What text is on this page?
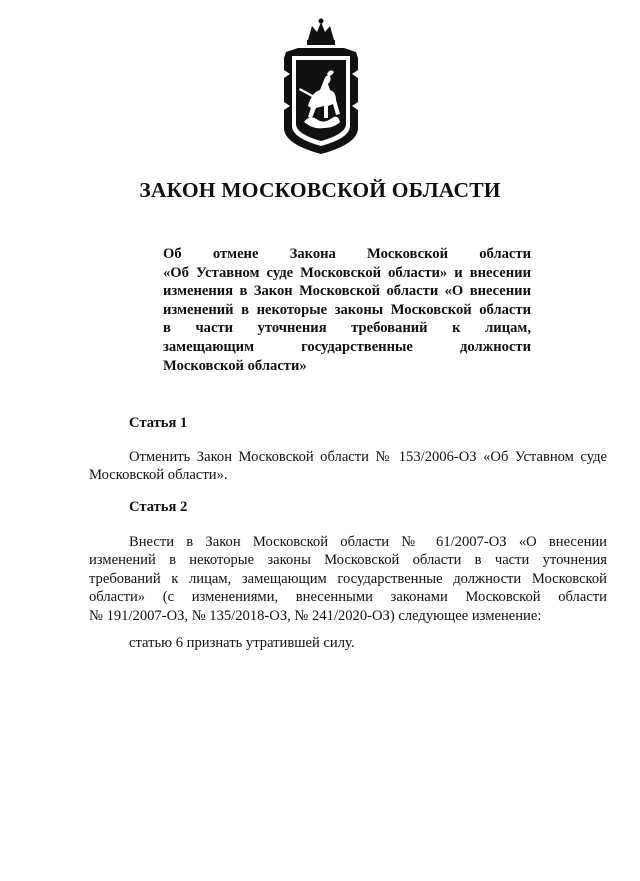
ЗАКОН МОСКОВСКОЙ ОБЛАСТИ
Об отмене Закона Московской области
«Об Уставном суде Московской области» и внесении
изменения в Закон Московской области «О внесении
изменений в некоторые законы Московской области
в части уточнения требований к лицам,
замещающим государственные должности
Московской области»
Статья 1
Отменить Закон Московской области № 153/2006-ОЗ «Об Уставном суде
Московской области».
Статья 2
Внести в Закон Московской области № 61/2007-ОЗ «О внесении
изменений в некоторые законы Московской области в части уточнения
требований к лицам, замещающим государственные должности Московской
области» (с изменениями, внесенными законами Московской области
№ 191/2007-ОЗ, № 135/2018-ОЗ, № 241/2020-ОЗ) следующее изменение:
статью 6 признать утратившей силу.
